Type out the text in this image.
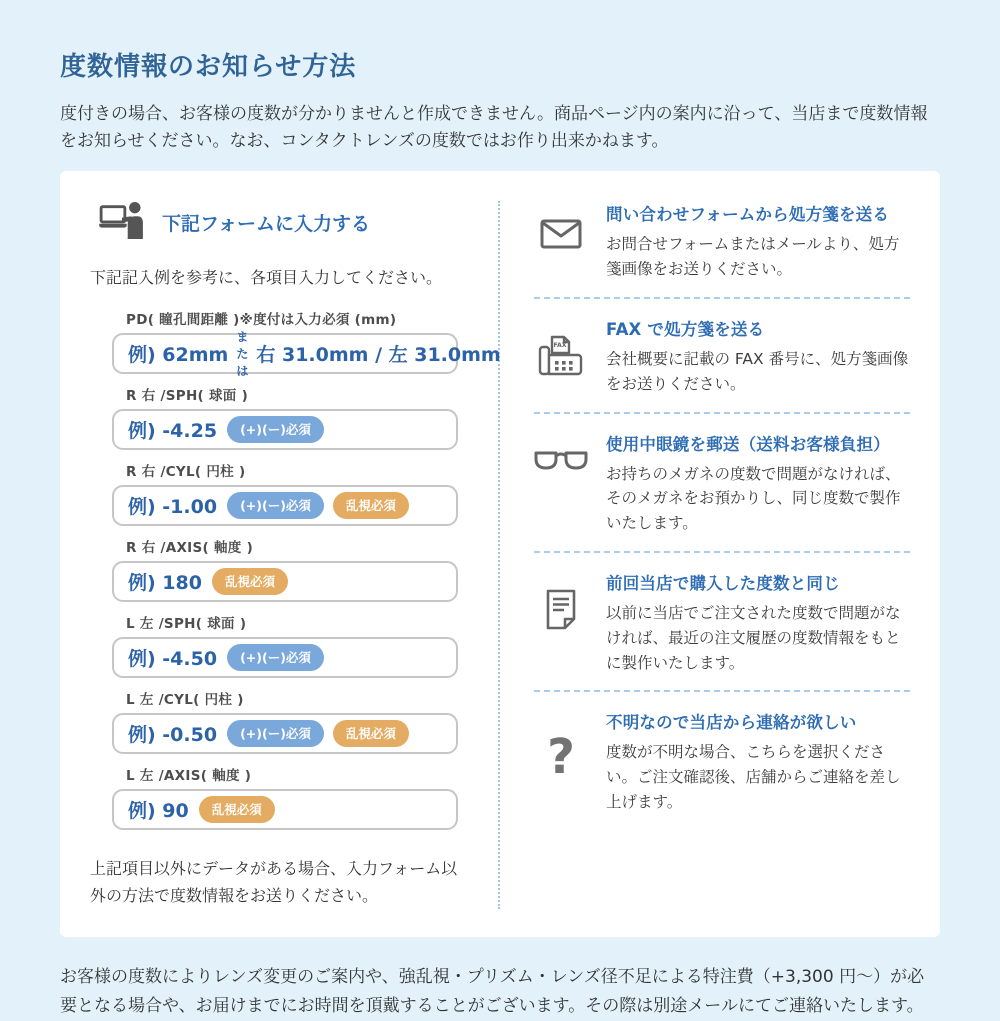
度数情報のお知らせ方法

度付きの場合、お客様の度数が分かりませんと作成できません。商品ページ内の案内に沿って、当店まで度数情報をお知らせください。なお、コンタクトレンズの度数ではお作り出来かねます。

下記フォームに入力する

下記記入例を参考に、各項目入力してください。

PD( 瞳孔間距離 )※度付は入力必須 (mm)
例) 62mm
または
右 31.0mm / 左 31.0mm
R 右 /SPH( 球面 )
例) -4.25	(+)(ー)必須
R 右 /CYL( 円柱 )
例) -1.00	(+)(ー)必須	乱視必須
R 右 /AXIS( 軸度 )
例) 180	乱視必須
L 左 /SPH( 球面 )
例) -4.50	(+)(ー)必須
L 左 /CYL( 円柱 )
例) -0.50	(+)(ー)必須	乱視必須
L 左 /AXIS( 軸度 )
例) 90	乱視必須

上記項目以外にデータがある場合、入力フォーム以外の方法で度数情報をお送りください。

問い合わせフォームから処方箋を送る
お問合せフォームまたはメールより、処方箋画像をお送りください。
FAX
FAX で処方箋を送る
会社概要に記載の FAX 番号に、処方箋画像をお送りください。
使用中眼鏡を郵送（送料お客様負担）
お持ちのメガネの度数で問題がなければ、そのメガネをお預かりし、同じ度数で製作いたします。
前回当店で購入した度数と同じ
以前に当店でご注文された度数で問題がなければ、最近の注文履歴の度数情報をもとに製作いたします。
?
不明なので当店から連絡が欲しい
度数が不明な場合、こちらを選択ください。ご注文確認後、店舗からご連絡を差し上げます。

お客様の度数によりレンズ変更のご案内や、強乱視・プリズム・レンズ径不足による特注費（+3,300 円～）が必要となる場合や、お届けまでにお時間を頂戴することがございます。その際は別途メールにてご連絡いたします。
